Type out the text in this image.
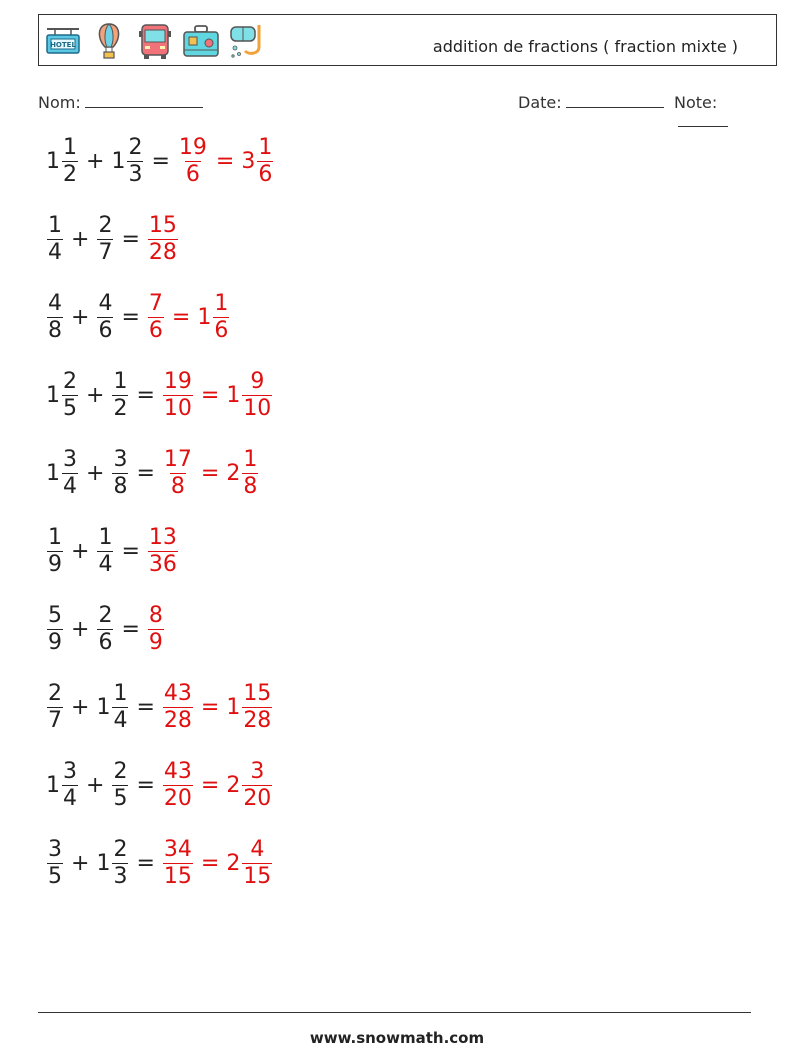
HOTEL	addition de fractions ( fraction mixte )
Nom:	Date:	Note:
$1 \frac{1}{2} + 1 \frac{2}{3} = \frac{19}{6} = 3 \frac{1}{6}$
$\frac{1}{4} + \frac{2}{7} = \frac{15}{28}$
$\frac{4}{8} + \frac{4}{6} = \frac{7}{6} = 1 \frac{1}{6}$
$1 \frac{2}{5} + \frac{1}{2} = \frac{19}{10} = 1 \frac{9}{10}$
$1 \frac{3}{4} + \frac{3}{8} = \frac{17}{8} = 2 \frac{1}{8}$
$\frac{1}{9} + \frac{1}{4} = \frac{13}{36}$
$\frac{5}{9} + \frac{2}{6} = \frac{8}{9}$
$\frac{2}{7} + 1 \frac{1}{4} = \frac{43}{28} = 1 \frac{15}{28}$
$1 \frac{3}{4} + \frac{2}{5} = \frac{43}{20} = 2 \frac{3}{20}$
$\frac{3}{5} + 1 \frac{2}{3} = \frac{34}{15} = 2 \frac{4}{15}$
www.snowmath.com
